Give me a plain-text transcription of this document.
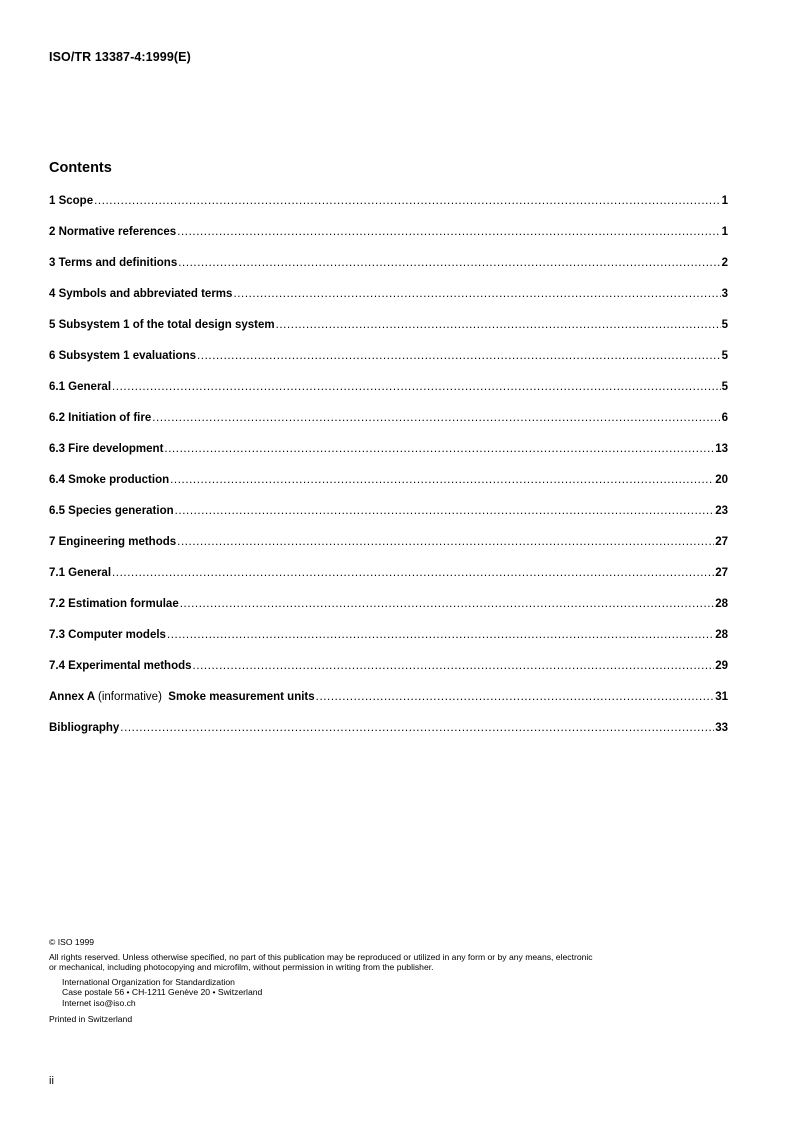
ISO/TR 13387-4:1999(E)
Contents
1 Scope .....	1
2 Normative references .....	1
3 Terms and definitions .....	2
4 Symbols and abbreviated terms .....	3
5 Subsystem 1 of the total design system .....	5
6 Subsystem 1 evaluations .....	5
6.1 General .....	5
6.2 Initiation of fire .....	6
6.3 Fire development .....	13
6.4 Smoke production .....	20
6.5 Species generation .....	23
7 Engineering methods .....	27
7.1 General .....	27
7.2 Estimation formulae .....	28
7.3 Computer models .....	28
7.4 Experimental methods .....	29
Annex A (informative) Smoke measurement units .....	31
Bibliography .....	33

© ISO 1999

All rights reserved. Unless otherwise specified, no part of this publication may be reproduced or utilized in any form or by any means, electronic

or mechanical, including photocopying and microfilm, without permission in writing from the publisher.

International Organization for Standardization

Case postale 56 • CH-1211 Genève 20 • Switzerland

Internet iso@iso.ch

Printed in Switzerland

ii
